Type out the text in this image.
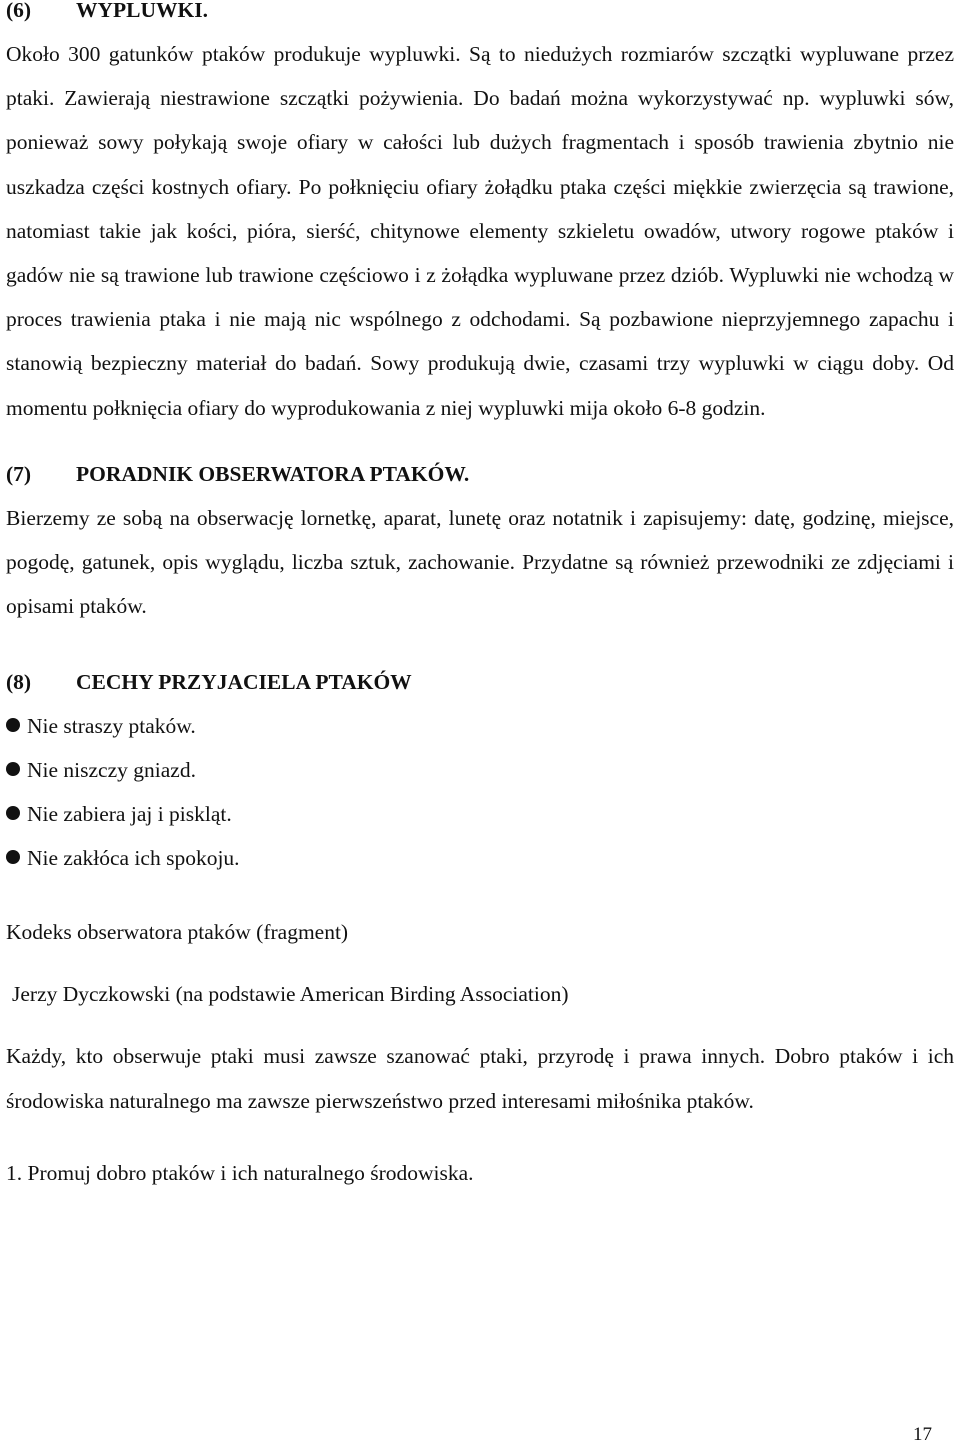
(6) WYPLUWKI.

Około 300 gatunków ptaków produkuje wypluwki. Są to niedużych rozmiarów szczątki wypluwane przez ptaki. Zawierają niestrawione szczątki pożywienia. Do badań można wykorzystywać np. wypluwki sów, ponieważ sowy połykają swoje ofiary w całości lub dużych fragmentach i sposób trawienia zbytnio nie uszkadza części kostnych ofiary. Po połknięciu ofiary żołądku ptaka części miękkie zwierzęcia są trawione, natomiast takie jak kości, pióra, sierść, chitynowe elementy szkieletu owadów, utwory rogowe ptaków i gadów nie są trawione lub trawione częściowo i z żołądka wypluwane przez dziób. Wypluwki nie wchodzą w proces trawienia ptaka i nie mają nic wspólnego z odchodami. Są pozbawione nieprzyjemnego zapachu i stanowią bezpieczny materiał do badań. Sowy produkują dwie, czasami trzy wypluwki w ciągu doby. Od momentu połknięcia ofiary do wyprodukowania z niej wypluwki mija około 6-8 godzin.

(7) PORADNIK OBSERWATORA PTAKÓW.

Bierzemy ze sobą na obserwację lornetkę, aparat, lunetę oraz notatnik i zapisujemy: datę, godzinę, miejsce, pogodę, gatunek, opis wyglądu, liczba sztuk, zachowanie. Przydatne są również przewodniki ze zdjęciami i opisami ptaków.

(8) CECHY PRZYJACIELA PTAKÓW
Nie straszy ptaków.
Nie niszczy gniazd.
Nie zabiera jaj i piskląt.
Nie zakłóca ich spokoju.

Kodeks obserwatora ptaków (fragment)

Jerzy Dyczkowski (na podstawie American Birding Association)

Każdy, kto obserwuje ptaki musi zawsze szanować ptaki, przyrodę i prawa innych. Dobro ptaków i ich środowiska naturalnego ma zawsze pierwszeństwo przed interesami miłośnika ptaków.

1. Promuj dobro ptaków i ich naturalnego środowiska.

17
